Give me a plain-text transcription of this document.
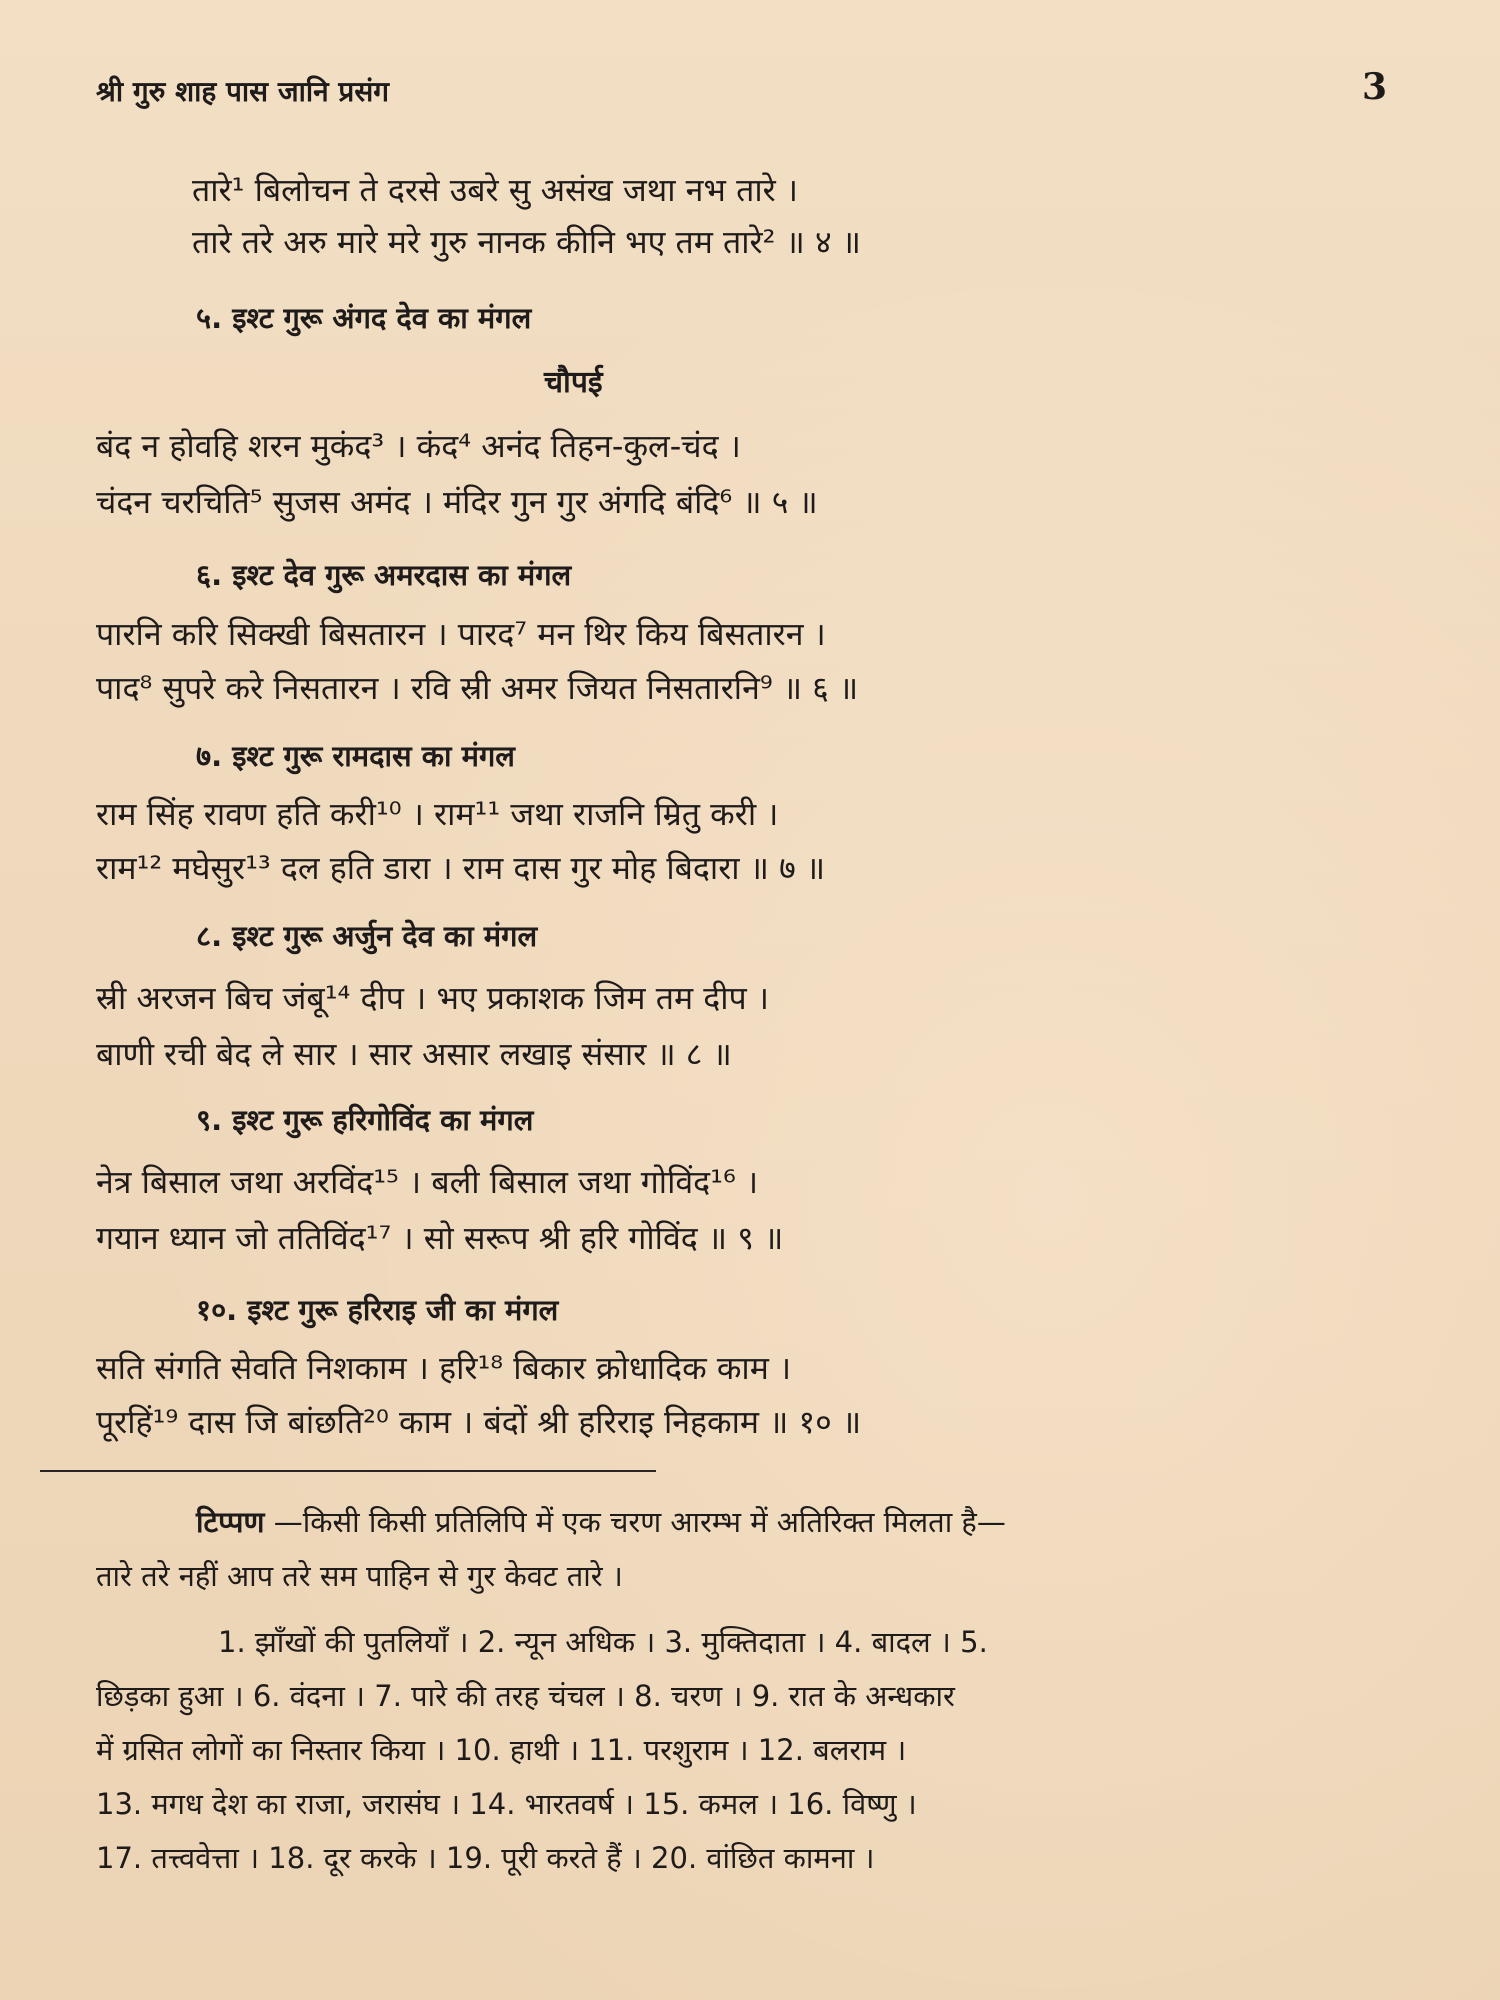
श्री गुरु शाह पास जानि प्रसंग	3
तारे¹ बिलोचन ते दरसे उबरे सु असंख जथा नभ तारे ।
तारे तरे अरु मारे मरे गुरु नानक कीनि भए तम तारे² ॥ ४ ॥
५. इश्ट गुरू अंगद देव का मंगल
चौपई
बंद न होवहि शरन मुकंद³ । कंद⁴ अनंद तिहन-कुल-चंद ।
चंदन चरचिति⁵ सुजस अमंद । मंदिर गुन गुर अंगदि बंदि⁶ ॥ ५ ॥
६. इश्ट देव गुरू अमरदास का मंगल
पारनि करि सिक्खी बिसतारन । पारद⁷ मन थिर किय बिसतारन ।
पाद⁸ सुपरे करे निसतारन । रवि स्री अमर जियत निसतारनि⁹ ॥ ६ ॥
७. इश्ट गुरू रामदास का मंगल
राम सिंह रावण हति करी¹⁰ । राम¹¹ जथा राजनि म्रितु करी ।
राम¹² मघेसुर¹³ दल हति डारा । राम दास गुर मोह बिदारा ॥ ७ ॥
८. इश्ट गुरू अर्जुन देव का मंगल
स्री अरजन बिच जंबू¹⁴ दीप । भए प्रकाशक जिम तम दीप ।
बाणी रची बेद ले सार । सार असार लखाइ संसार ॥ ८ ॥
९. इश्ट गुरू हरिगोविंद का मंगल
नेत्र बिसाल जथा अरविंद¹⁵ । बली बिसाल जथा गोविंद¹⁶ ।
गयान ध्यान जो ततिविंद¹⁷ । सो सरूप श्री हरि गोविंद ॥ ९ ॥
१०. इश्ट गुरू हरिराइ जी का मंगल
सति संगति सेवति निशकाम । हरि¹⁸ बिकार क्रोधादिक काम ।
पूरहिं¹⁹ दास जि बांछति²⁰ काम । बंदों श्री हरिराइ निहकाम ॥ १० ॥
टिप्पण —किसी किसी प्रतिलिपि में एक चरण आरम्भ में अतिरिक्त मिलता है—
तारे तरे नहीं आप तरे सम पाहिन से गुर केवट तारे ।
1. झाँखों की पुतलियाँ । 2. न्यून अधिक । 3. मुक्तिदाता । 4. बादल । 5.
छिड़का हुआ । 6. वंदना । 7. पारे की तरह चंचल । 8. चरण । 9. रात के अन्धकार
में ग्रसित लोगों का निस्तार किया । 10. हाथी । 11. परशुराम । 12. बलराम ।
13. मगध देश का राजा, जरासंघ । 14. भारतवर्ष । 15. कमल । 16. विष्णु ।
17. तत्त्ववेत्ता । 18. दूर करके । 19. पूरी करते हैं । 20. वांछित कामना ।
